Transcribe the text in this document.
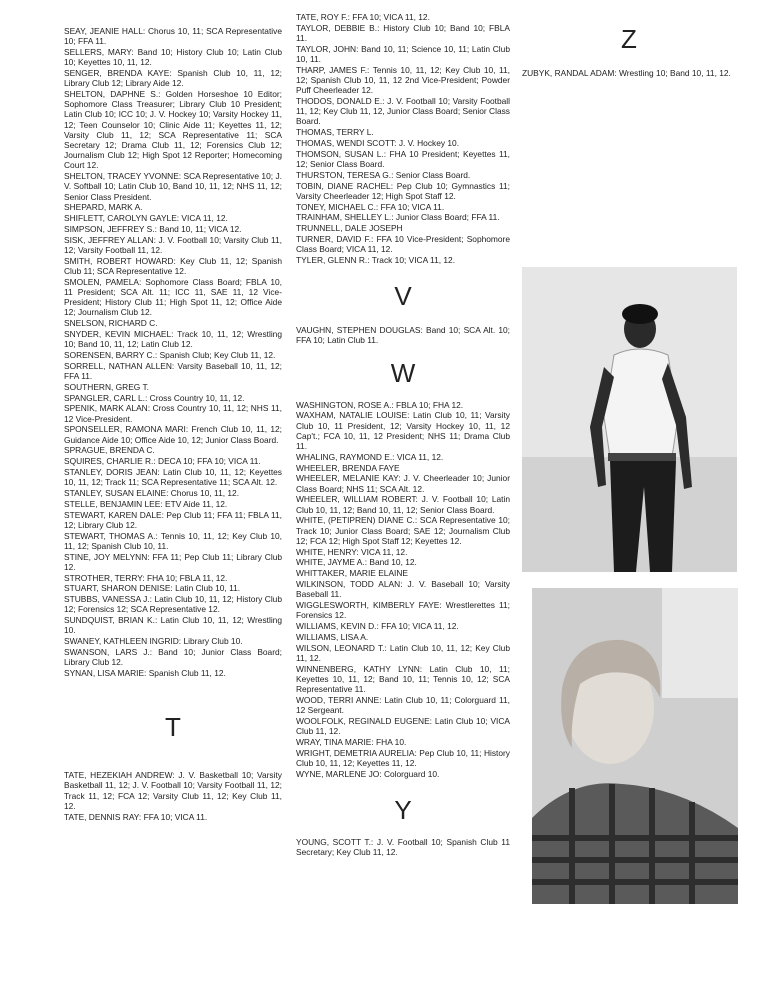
SEAY, JEANIE HALL: Chorus 10, 11; SCA Representative 10; FFA 11.
SELLERS, MARY: Band 10; History Club 10; Latin Club 10; Keyettes 10, 11, 12.
SENGER, BRENDA KAYE: Spanish Club 10, 11, 12; Library Club 12; Library Aide 12.
SHELTON, DAPHNE S.: Golden Horseshoe 10 Editor; Sophomore Class Treasurer; Library Club 10 President; Latin Club 10; ICC 10; J. V. Hockey 10; Varsity Hockey 11, 12; Teen Counselor 10; Clinic Aide 11; Keyettes 11, 12; Varsity Club 11, 12; SCA Representative 11; SCA Secretary 12; Drama Club 11, 12; Forensics Club 12; Journalism Club 12; High Spot 12 Reporter; Homecoming Court 12.
SHELTON, TRACEY YVONNE: SCA Representative 10; J. V. Softball 10; Latin Club 10, Band 10, 11, 12; NHS 11, 12; Senior Class President.
SHEPARD, MARK A.
SHIFLETT, CAROLYN GAYLE: VICA 11, 12.
SIMPSON, JEFFREY S.: Band 10, 11; VICA 12.
SISK, JEFFREY ALLAN: J. V. Football 10; Varsity Club 11, 12; Varsity Football 11, 12.
SMITH, ROBERT HOWARD: Key Club 11, 12; Spanish Club 11; SCA Representative 12.
SMOLEN, PAMELA: Sophomore Class Board; FBLA 10, 11 President; SCA Alt. 11; ICC 11, SAE 11, 12 Vice-President; History Club 11; High Spot 11, 12; Office Aide 12; Journalism Club 12.
SNELSON, RICHARD C.
SNYDER, KEVIN MICHAEL: Track 10, 11, 12; Wrestling 10; Band 10, 11, 12; Latin Club 12.
SORENSEN, BARRY C.: Spanish Club; Key Club 11, 12.
SORRELL, NATHAN ALLEN: Varsity Baseball 10, 11, 12; FFA 11.
SOUTHERN, GREG T.
SPANGLER, CARL L.: Cross Country 10, 11, 12.
SPENIK, MARK ALAN: Cross Country 10, 11, 12; NHS 11, 12 Vice-President.
SPONSELLER, RAMONA MARI: French Club 10, 11, 12; Guidance Aide 10; Office Aide 10, 12; Junior Class Board.
SPRAGUE, BRENDA C.
SQUIRES, CHARLIE R.: DECA 10; FFA 10; VICA 11.
STANLEY, DORIS JEAN: Latin Club 10, 11, 12; Keyettes 10, 11, 12; Track 11; SCA Representative 11; SCA Alt. 12.
STANLEY, SUSAN ELAINE: Chorus 10, 11, 12.
STELLE, BENJAMIN LEE: ETV Aide 11, 12.
STEWART, KAREN DALE: Pep Club 11; FFA 11; FBLA 11, 12; Library Club 12.
STEWART, THOMAS A.: Tennis 10, 11, 12; Key Club 10, 11, 12; Spanish Club 10, 11.
STINE, JOY MELYNN: FFA 11; Pep Club 11; Library Club 12.
STROTHER, TERRY: FHA 10; FBLA 11, 12.
STUART, SHARON DENISE: Latin Club 10, 11.
STUBBS, VANESSA J.: Latin Club 10, 11, 12; History Club 12; Forensics 12; SCA Representative 12.
SUNDQUIST, BRIAN K.: Latin Club 10, 11, 12; Wrestling 10.
SWANEY, KATHLEEN INGRID: Library Club 10.
SWANSON, LARS J.: Band 10; Junior Class Board; Library Club 12.
SYNAN, LISA MARIE: Spanish Club 11, 12.
T
TATE, HEZEKIAH ANDREW: J. V. Basketball 10; Varsity Basketball 11, 12; J. V. Football 10; Varsity Football 11, 12; Track 11, 12; FCA 12; Varsity Club 11, 12; Key Club 11, 12.
TATE, DENNIS RAY: FFA 10; VICA 11.
TATE, ROY F.: FFA 10; VICA 11, 12.
TAYLOR, DEBBIE B.: History Club 10; Band 10; FBLA 11.
TAYLOR, JOHN: Band 10, 11; Science 10, 11; Latin Club 10, 11.
THARP, JAMES F.: Tennis 10, 11, 12; Key Club 10, 11, 12; Spanish Club 10, 11, 12 2nd Vice-President; Powder Puff Cheerleader 12.
THODOS, DONALD E.: J. V. Football 10; Varsity Football 11, 12; Key Club 11, 12, Junior Class Board; Senior Class Board.
THOMAS, TERRY L.
THOMAS, WENDI SCOTT: J. V. Hockey 10.
THOMSON, SUSAN L.: FHA 10 President; Keyettes 11, 12; Senior Class Board.
THURSTON, TERESA G.: Senior Class Board.
TOBIN, DIANE RACHEL: Pep Club 10; Gymnastics 11; Varsity Cheerleader 12; High Spot Staff 12.
TONEY, MICHAEL C.: FFA 10; VICA 11.
TRAINHAM, SHELLEY L.: Junior Class Board; FFA 11.
TRUNNELL, DALE JOSEPH
TURNER, DAVID F.: FFA 10 Vice-President; Sophomore Class Board; VICA 11, 12.
TYLER, GLENN R.: Track 10; VICA 11, 12.
V
VAUGHN, STEPHEN DOUGLAS: Band 10; SCA Alt. 10; FFA 10; Latin Club 11.
W
WASHINGTON, ROSE A.: FBLA 10; FHA 12.
WAXHAM, NATALIE LOUISE: Latin Club 10, 11; Varsity Club 10, 11 President, 12; Varsity Hockey 10, 11, 12 Cap't.; FCA 10, 11, 12 President; NHS 11; Drama Club 11.
WHALING, RAYMOND E.: VICA 11, 12.
WHEELER, BRENDA FAYE
WHEELER, MELANIE KAY: J. V. Cheerleader 10; Junior Class Board; NHS 11; SCA Alt. 12.
WHEELER, WILLIAM ROBERT: J. V. Football 10; Latin Club 10, 11, 12; Band 10, 11, 12; Senior Class Board.
WHITE, (PETIPREN) DIANE C.: SCA Representative 10; Track 10; Junior Class Board; SAE 12; Journalism Club 12; FCA 12; High Spot Staff 12; Keyettes 12.
WHITE, HENRY: VICA 11, 12.
WHITE, JAYME A.: Band 10, 12.
WHITTAKER, MARIE ELAINE
WILKINSON, TODD ALAN: J. V. Baseball 10; Varsity Baseball 11.
WIGGLESWORTH, KIMBERLY FAYE: Wrestlerettes 11; Forensics 12.
WILLIAMS, KEVIN D.: FFA 10; VICA 11, 12.
WILLIAMS, LISA A.
WILSON, LEONARD T.: Latin Club 10, 11, 12; Key Club 11, 12.
WINNENBERG, KATHY LYNN: Latin Club 10, 11; Keyettes 10, 11, 12; Band 10, 11; Tennis 10, 12; SCA Representative 11.
WOOD, TERRI ANNE: Latin Club 10, 11; Colorguard 11, 12 Sergeant.
WOOLFOLK, REGINALD EUGENE: Latin Club 10; VICA Club 11, 12.
WRAY, TINA MARIE: FHA 10.
WRIGHT, DEMETRIA AURELIA: Pep Club 10, 11; History Club 10, 11, 12; Keyettes 11, 12.
WYNE, MARLENE JO: Colorguard 10.
Y
YOUNG, SCOTT T.: J. V. Football 10; Spanish Club 11 Secretary; Key Club 11, 12.
Z
ZUBYK, RANDAL ADAM: Wrestling 10; Band 10, 11, 12.
